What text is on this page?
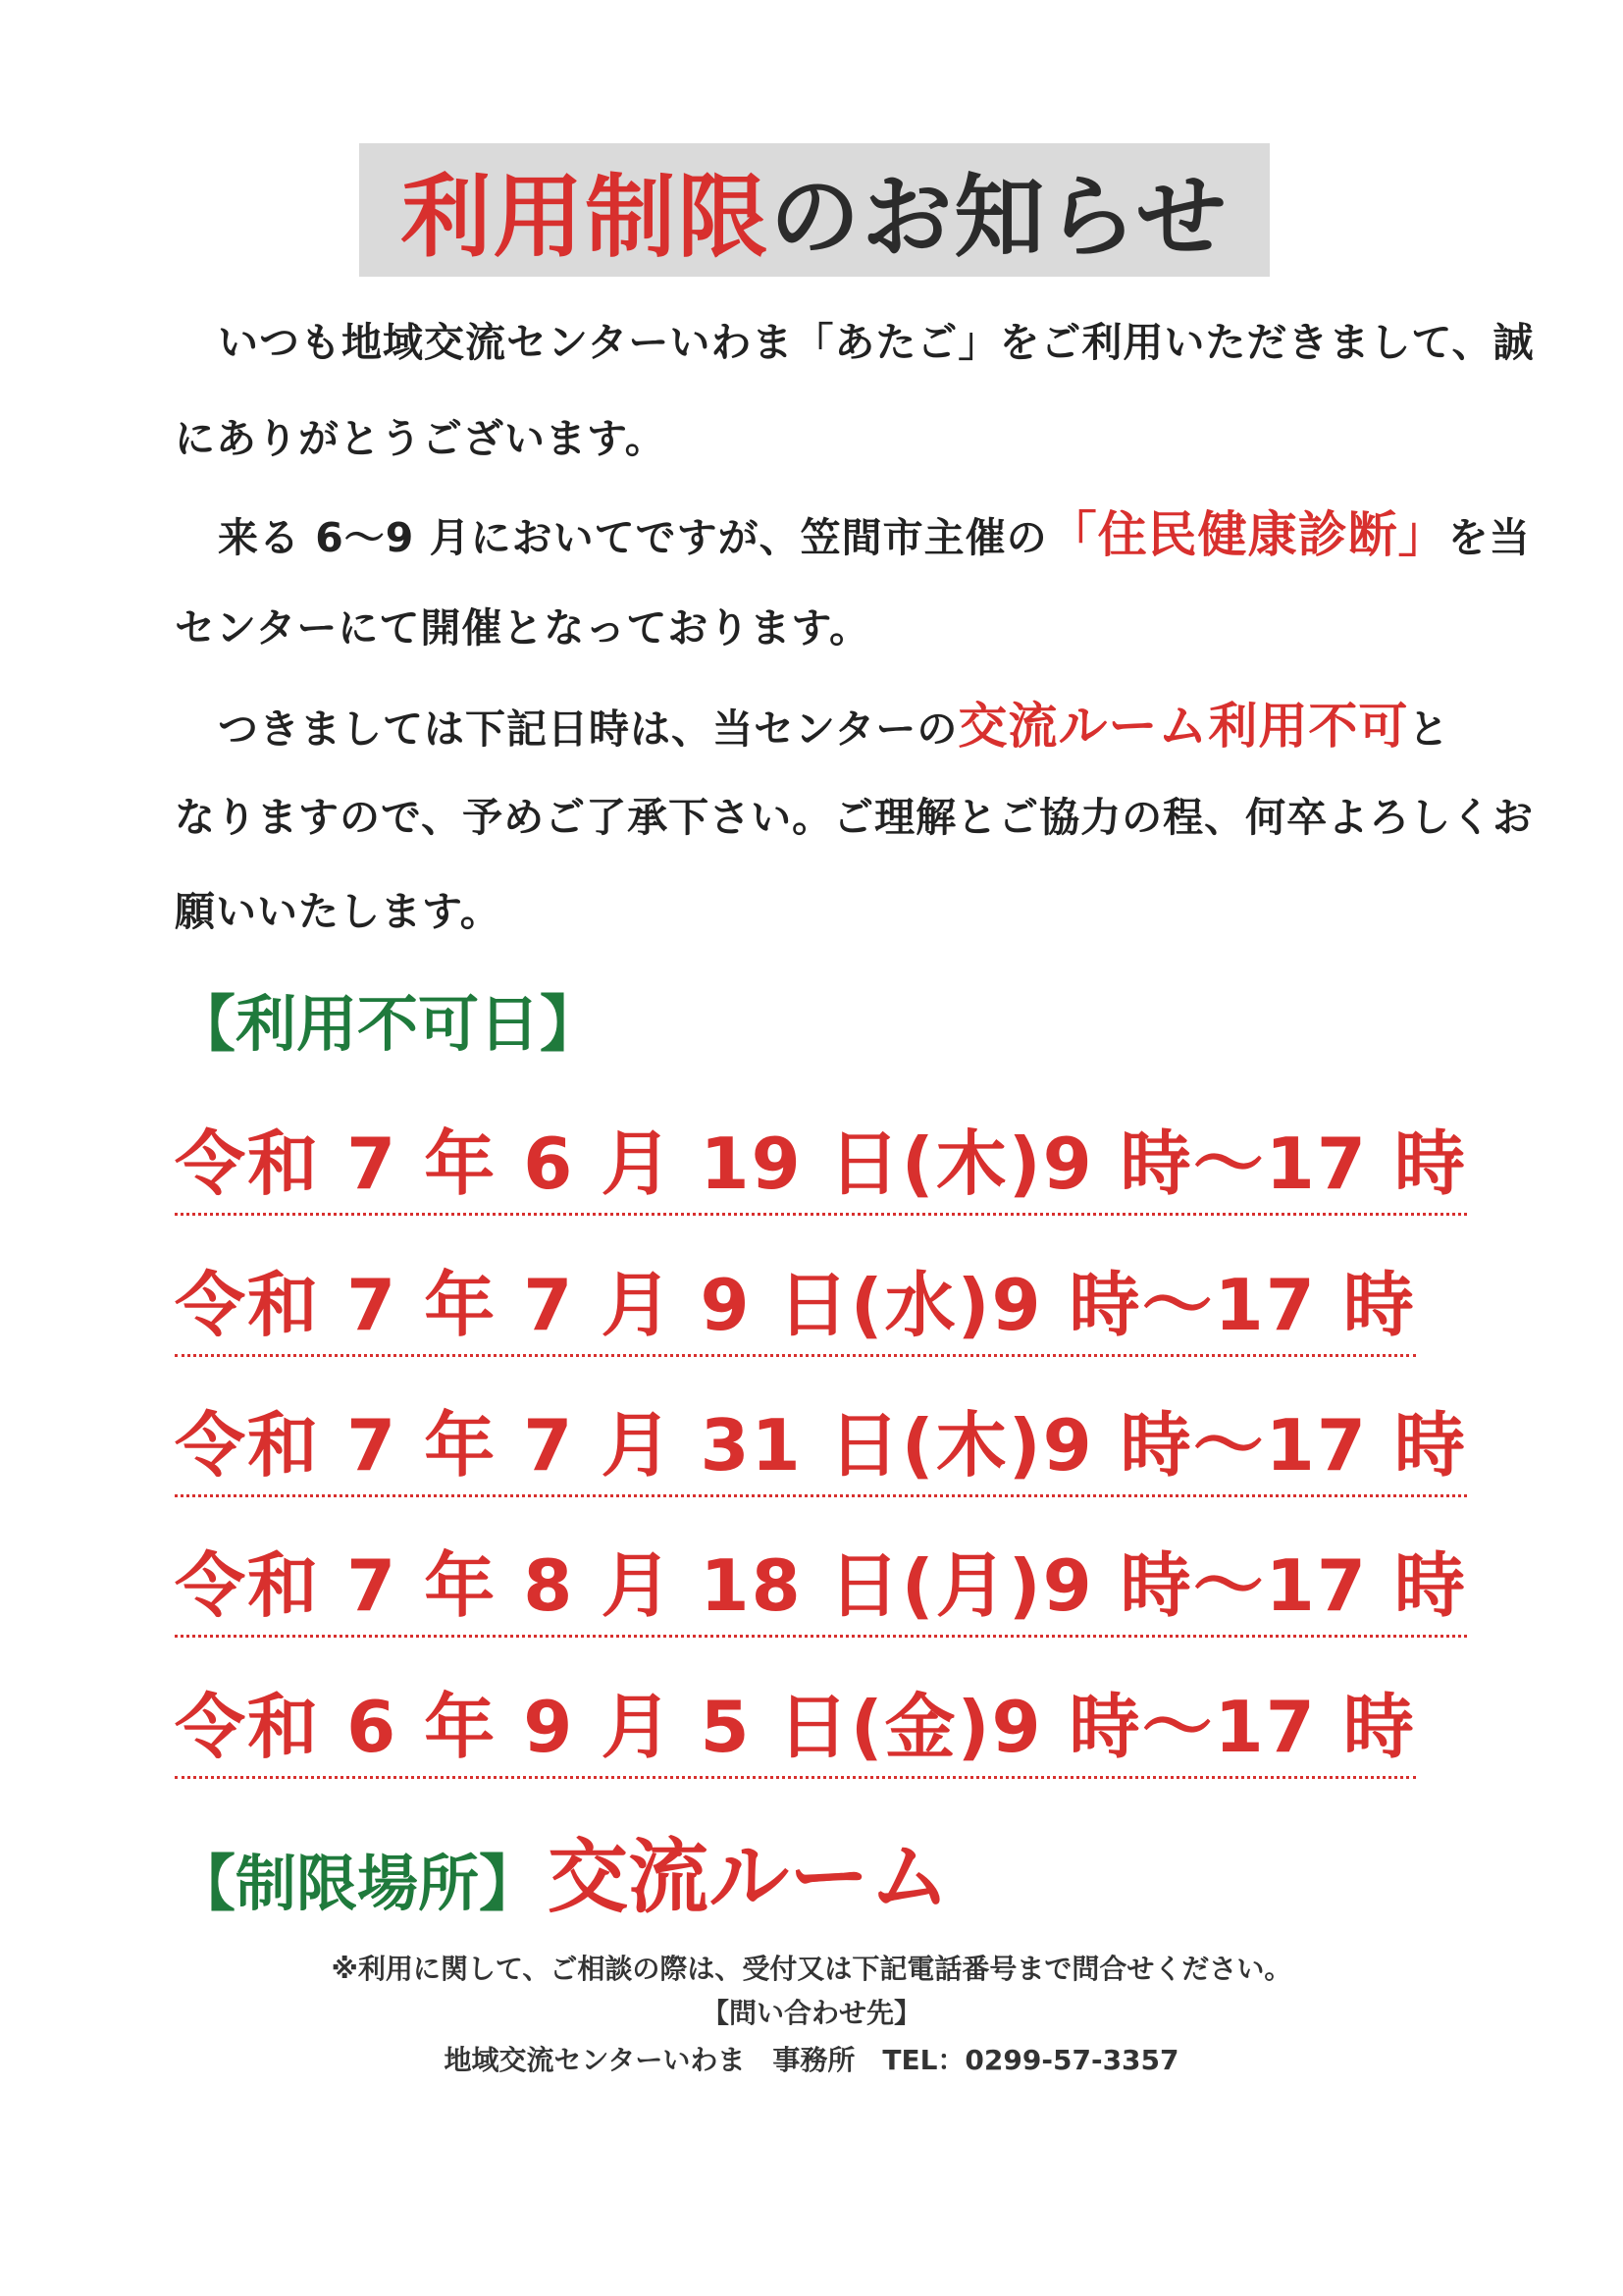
利用制限 のお知らせ
いつも地域交流センターいわま「あたご」をご利用いただきまして、誠
にありがとうございます。
来る 6～9 月においてですが、笠間市主催の「住民健康診断」を当
センターにて開催となっております。
つきましては下記日時は、当センターの交流ルーム利用不可と
なりますので、予めご了承下さい。ご理解とご協力の程、何卒よろしくお
願いいたします。
【利用不可日】
令和 7 年 6 月 19 日(木)9 時～17 時
令和 7 年 7 月 9 日(水)9 時～17 時
令和 7 年 7 月 31 日(木)9 時～17 時
令和 7 年 8 月 18 日(月)9 時～17 時
令和 6 年 9 月 5 日(金)9 時～17 時
【制限場所】交流ルーム
※利用に関して、ご相談の際は、受付又は下記電話番号まで問合せください。
【問い合わせ先】
地域交流センターいわま　事務所　TEL：0299-57-3357
